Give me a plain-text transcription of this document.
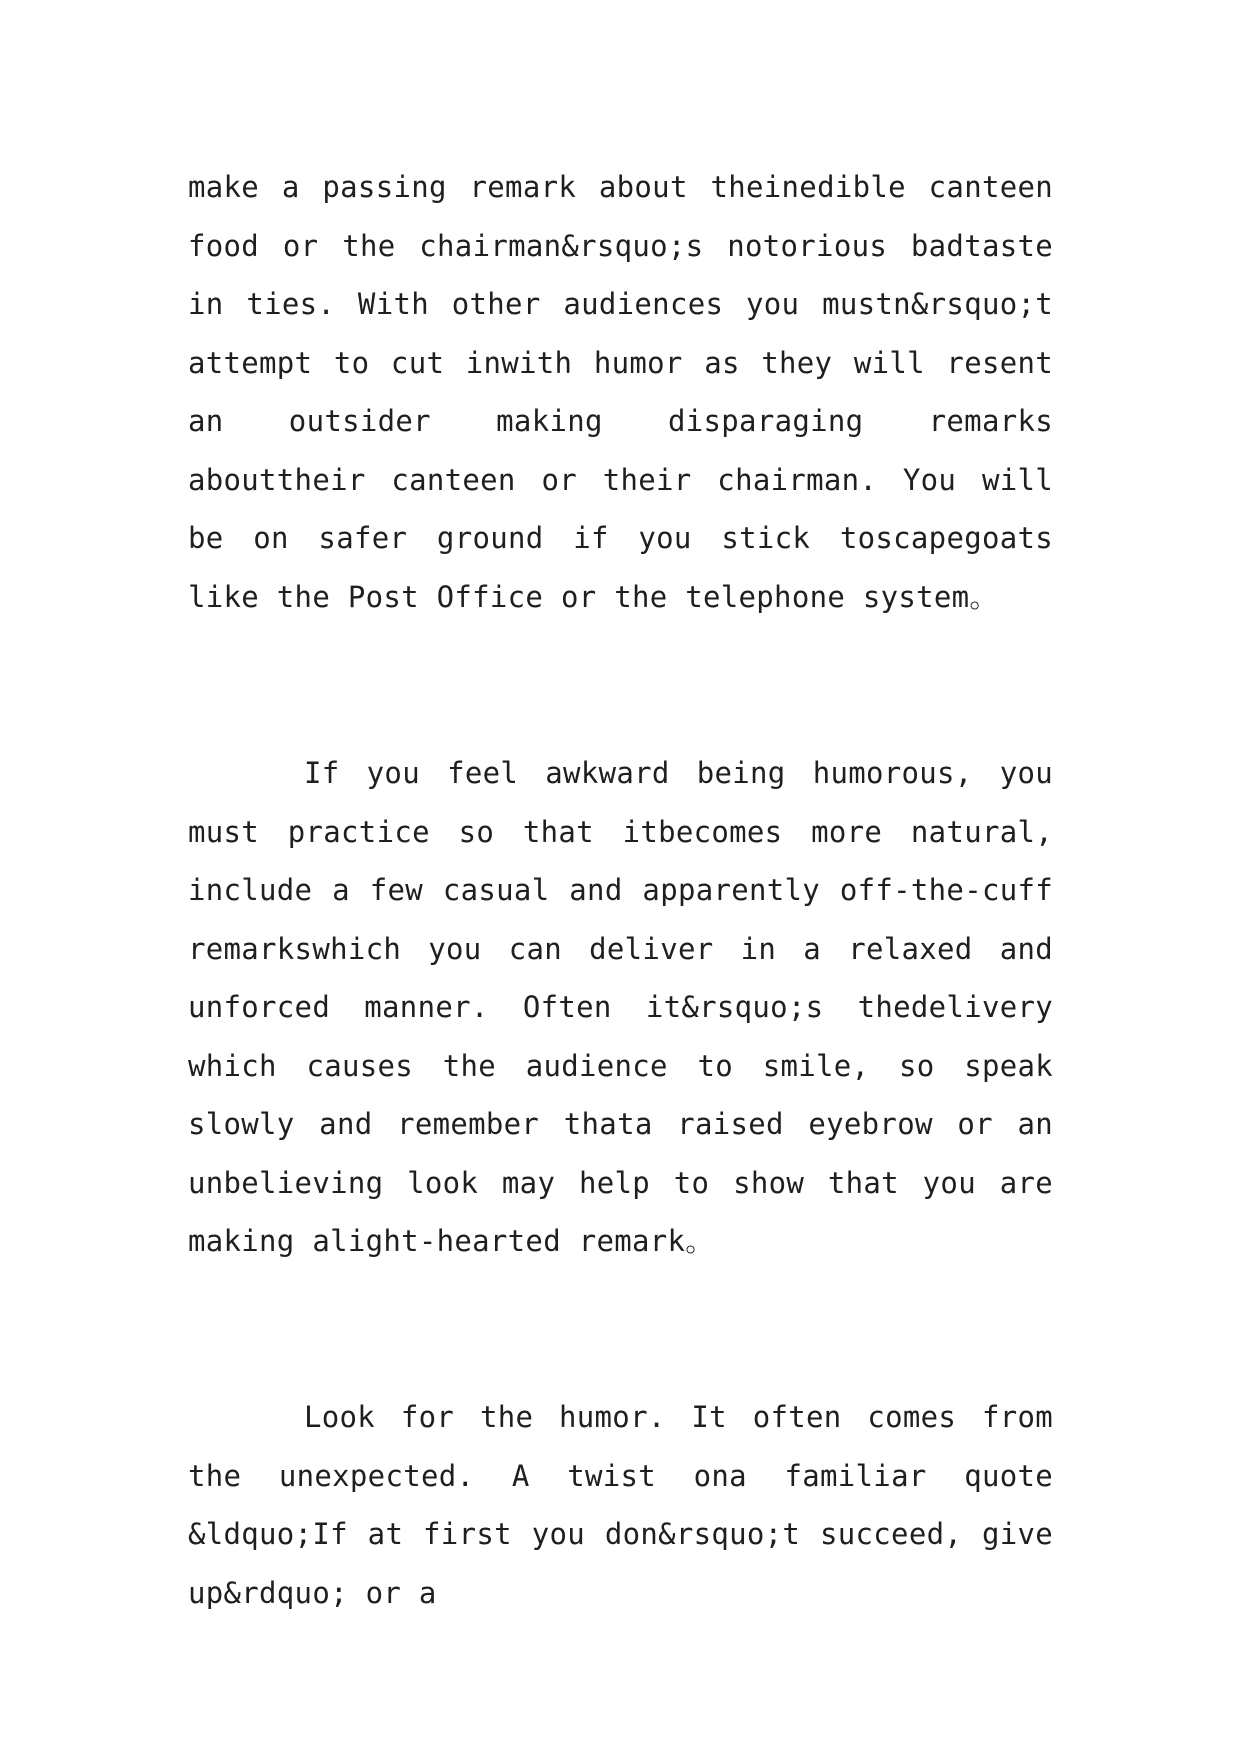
make a passing remark about theinedible canteen food or the chairman&rsquo;s notorious badtaste in ties. With other audiences you mustn&rsquo;t attempt to cut inwith humor as they will resent an outsider making disparaging remarks abouttheir canteen or their chairman. You will be on safer ground if you stick toscapegoats like the Post Office or the telephone system。

If you feel awkward being humorous, you must practice so that itbecomes more natural, include a few casual and apparently off-the-cuff remarkswhich you can deliver in a relaxed and unforced manner. Often it&rsquo;s thedelivery which causes the audience to smile, so speak slowly and remember thata raised eyebrow or an unbelieving look may help to show that you are making alight-hearted remark。

Look for the humor. It often comes from the unexpected. A twist ona familiar quote &ldquo;If at first you don&rsquo;t succeed, give up&rdquo; or a
